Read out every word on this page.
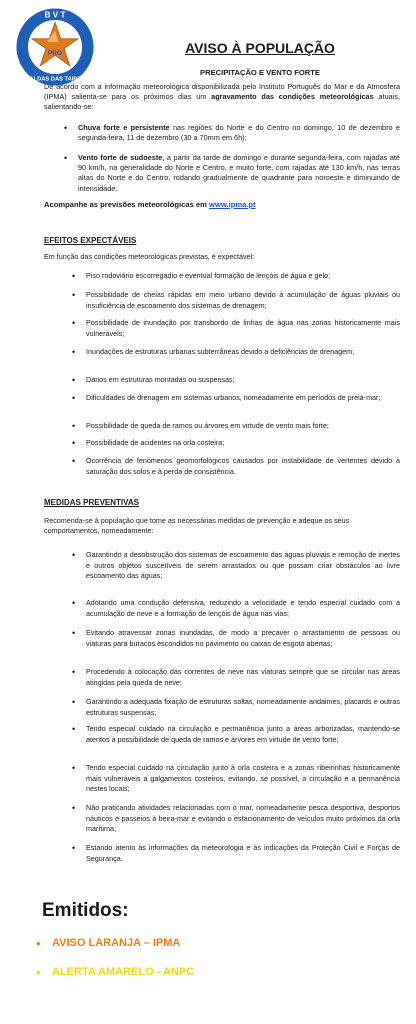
B V T
PRO
CALDAS DAS TAIPAS
AVISO À POPULAÇÃO
PRECIPITAÇÃO E VENTO FORTE
De acordo com a informação meteorológica disponibilizada pelo Instituto Português do Mar e da Atmosfera (IPMA) salienta-se para os próximos dias um agravamento das condições meteorológicas atuais, salientando-se:
• Chuva forte e persistente nas regiões do Norte e do Centro no domingo, 10 de dezembro e segunda-feira, 11 de dezembro (30 a 70mm em 6h);
• Vento forte de sudoeste, a partir da tarde de domingo e durante segunda-feira, com rajadas até 90 km/h, na generalidade do Norte e Centro, e muito forte, com rajadas até 130 km/h, nas terras altas do Norte e do Centro, rodando gradualmente de quadrante para noroeste e diminuindo de intensidade.
Acompanhe as previsões meteorológicas em www.ipma.pt
EFEITOS EXPECTÁVEIS
Em função das condições meteorológicas previstas, é expectável:
• Piso rodoviário escorregadio e eventual formação de lençóis de água e gelo;
• Possibilidade de cheias rápidas em meio urbano devido à acumulação de águas pluviais ou insuficiência de escoamento dos sistemas de drenagem;
• Possibilidade de inundação por transbordo de linhas de água nas zonas historicamente mais vulneráveis;
• Inundações de estruturas urbanas subterrâneas devido a deficiências de drenagem;
• Danos em estruturas montadas ou suspensas;
• Dificuldades de drenagem em sistemas urbanos, nomeadamente em períodos de preia-mar;
• Possibilidade de queda de ramos ou árvores em virtude de vento mais forte;
• Possibilidade de acidentes na orla costeira;
• Ocorrência de fenómenos geomorfológicos causados por instabilidade de vertentes devido à saturação dos solos e à perda de consistência.
MEDIDAS PREVENTIVAS
Recomenda-se à população que tome as necessárias medidas de prevenção e adeque os seus comportamentos, nomeadamente:
• Garantindo a desobstrução dos sistemas de escoamento das águas pluviais e remoção de inertes e outros objetos suscetíveis de serem arrastados ou que possam criar obstáculos ao livre escoamento das águas;
• Adotando uma condução defensiva, reduzindo a velocidade e tendo especial cuidado com a acumulação de neve e a formação de lençóis de água nas vias;
• Evitando atravessar zonas inundadas, de modo a precaver o arrastamento de pessoas ou viaturas para buracos escondidos no pavimento ou caixas de esgoto abertas;
• Procedendo à colocação das correntes de neve nas viaturas sempre que se circular nas áreas atingidas pela queda de neve;
• Garantindo a adequada fixação de estruturas soltas, nomeadamente andaimes, placards e outras estruturas suspensas;
• Tendo especial cuidado na circulação e permanência junto a áreas arborizadas, mantendo-se atentos à possibilidade de queda de ramos e árvores em virtude de vento forte;
• Tendo especial cuidado na circulação junto à orla costeira e a zonas ribeirinhas historicamente mais vulneráveis a galgamentos costeiros, evitando, se possível, a circulação e a permanência nestes locais;
• Não praticando atividades relacionadas com o mar, nomeadamente pesca desportiva, desportos náuticos e passeios à beira-mar e evitando o estacionamento de veículos muito próximos da orla marítima;
• Estando atento às informações da meteorologia e às indicações da Proteção Civil e Forças de Segurança.
Emitidos:
• AVISO LARANJA – IPMA
• ALERTA AMARELO - ANPC
